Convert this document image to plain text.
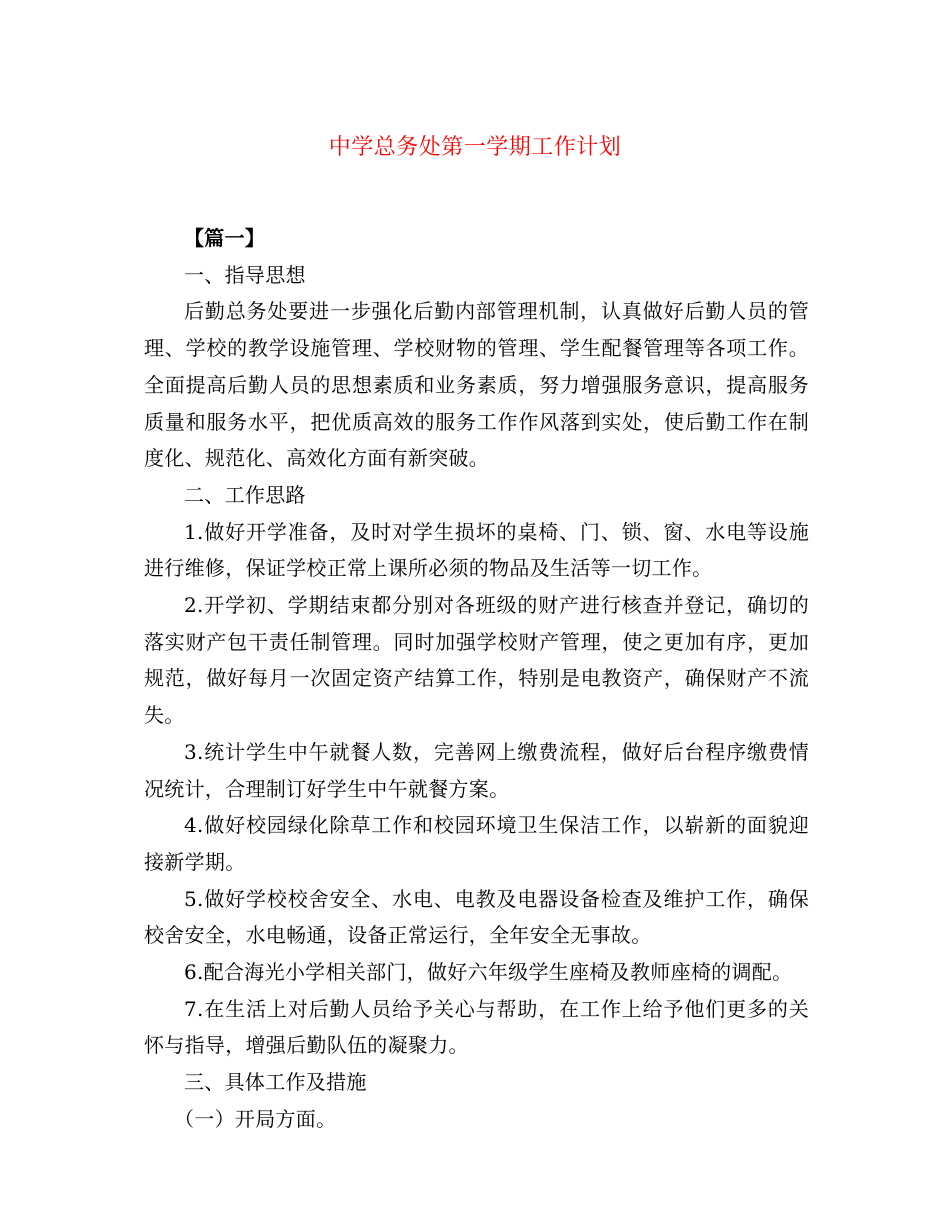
中学总务处第一学期工作计划

【篇一】

一、指导思想

后勤总务处要进一步强化后勤内部管理机制，认真做好后勤人员的管理、学校的教学设施管理、学校财物的管理、学生配餐管理等各项工作。全面提高后勤人员的思想素质和业务素质，努力增强服务意识，提高服务质量和服务水平，把优质高效的服务工作作风落到实处，使后勤工作在制度化、规范化、高效化方面有新突破。

二、工作思路

1.做好开学准备，及时对学生损坏的桌椅、门、锁、窗、水电等设施进行维修，保证学校正常上课所必须的物品及生活等一切工作。

2.开学初、学期结束都分别对各班级的财产进行核查并登记，确切的落实财产包干责任制管理。同时加强学校财产管理，使之更加有序，更加规范，做好每月一次固定资产结算工作，特别是电教资产，确保财产不流失。

3.统计学生中午就餐人数，完善网上缴费流程，做好后台程序缴费情况统计，合理制订好学生中午就餐方案。

4.做好校园绿化除草工作和校园环境卫生保洁工作，以崭新的面貌迎接新学期。

5.做好学校校舍安全、水电、电教及电器设备检查及维护工作，确保校舍安全，水电畅通，设备正常运行，全年安全无事故。

6.配合海光小学相关部门，做好六年级学生座椅及教师座椅的调配。

7.在生活上对后勤人员给予关心与帮助，在工作上给予他们更多的关怀与指导，增强后勤队伍的凝聚力。

三、具体工作及措施

（一）开局方面。
